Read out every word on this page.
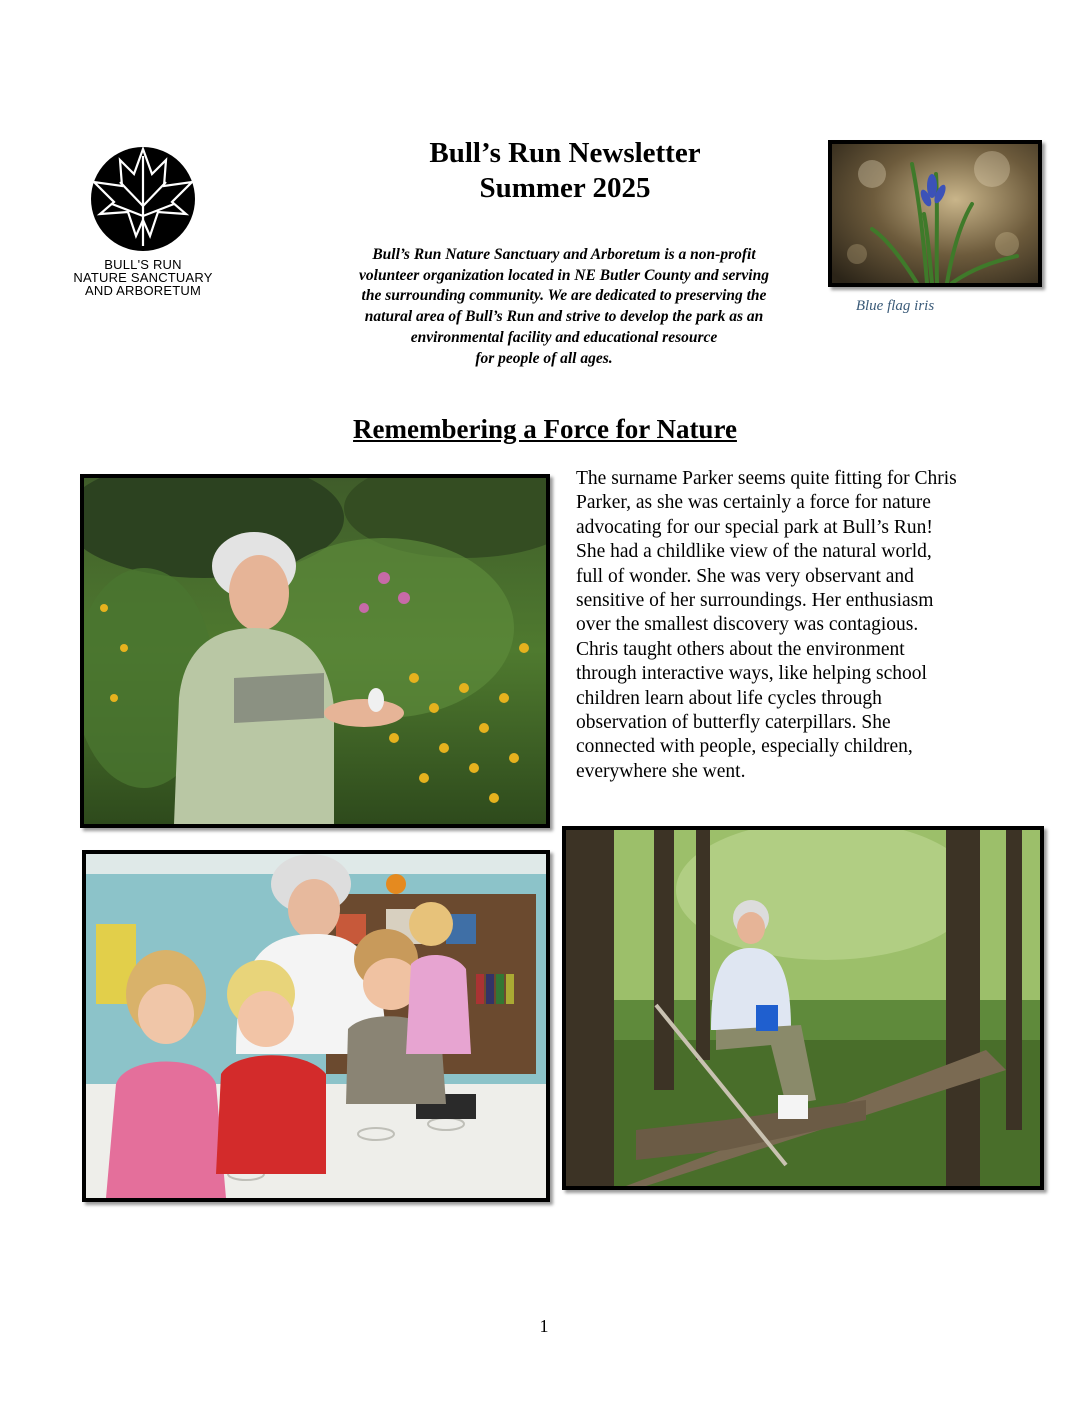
BULL'S RUN

NATURE SANCTUARY

AND ARBORETUM

Bull’s Run Newsletter
Summer 2025
Bull’s Run Nature Sanctuary and Arboretum is a non-profit
volunteer organization located in NE Butler County and serving
the surrounding community. We are dedicated to preserving the
natural area of Bull’s Run and strive to develop the park as an
environmental facility and educational resource
for people of all ages.
Blue flag iris
Remembering a Force for Nature
The surname Parker seems quite fitting for Chris
Parker, as she was certainly a force for nature
advocating for our special park at Bull’s Run!
She had a childlike view of the natural world,
full of wonder. She was very observant and
sensitive of her surroundings. Her enthusiasm
over the smallest discovery was contagious.
Chris taught others about the environment
through interactive ways, like helping school
children learn about life cycles through
observation of butterfly caterpillars. She
connected with people, especially children,
everywhere she went.
1
